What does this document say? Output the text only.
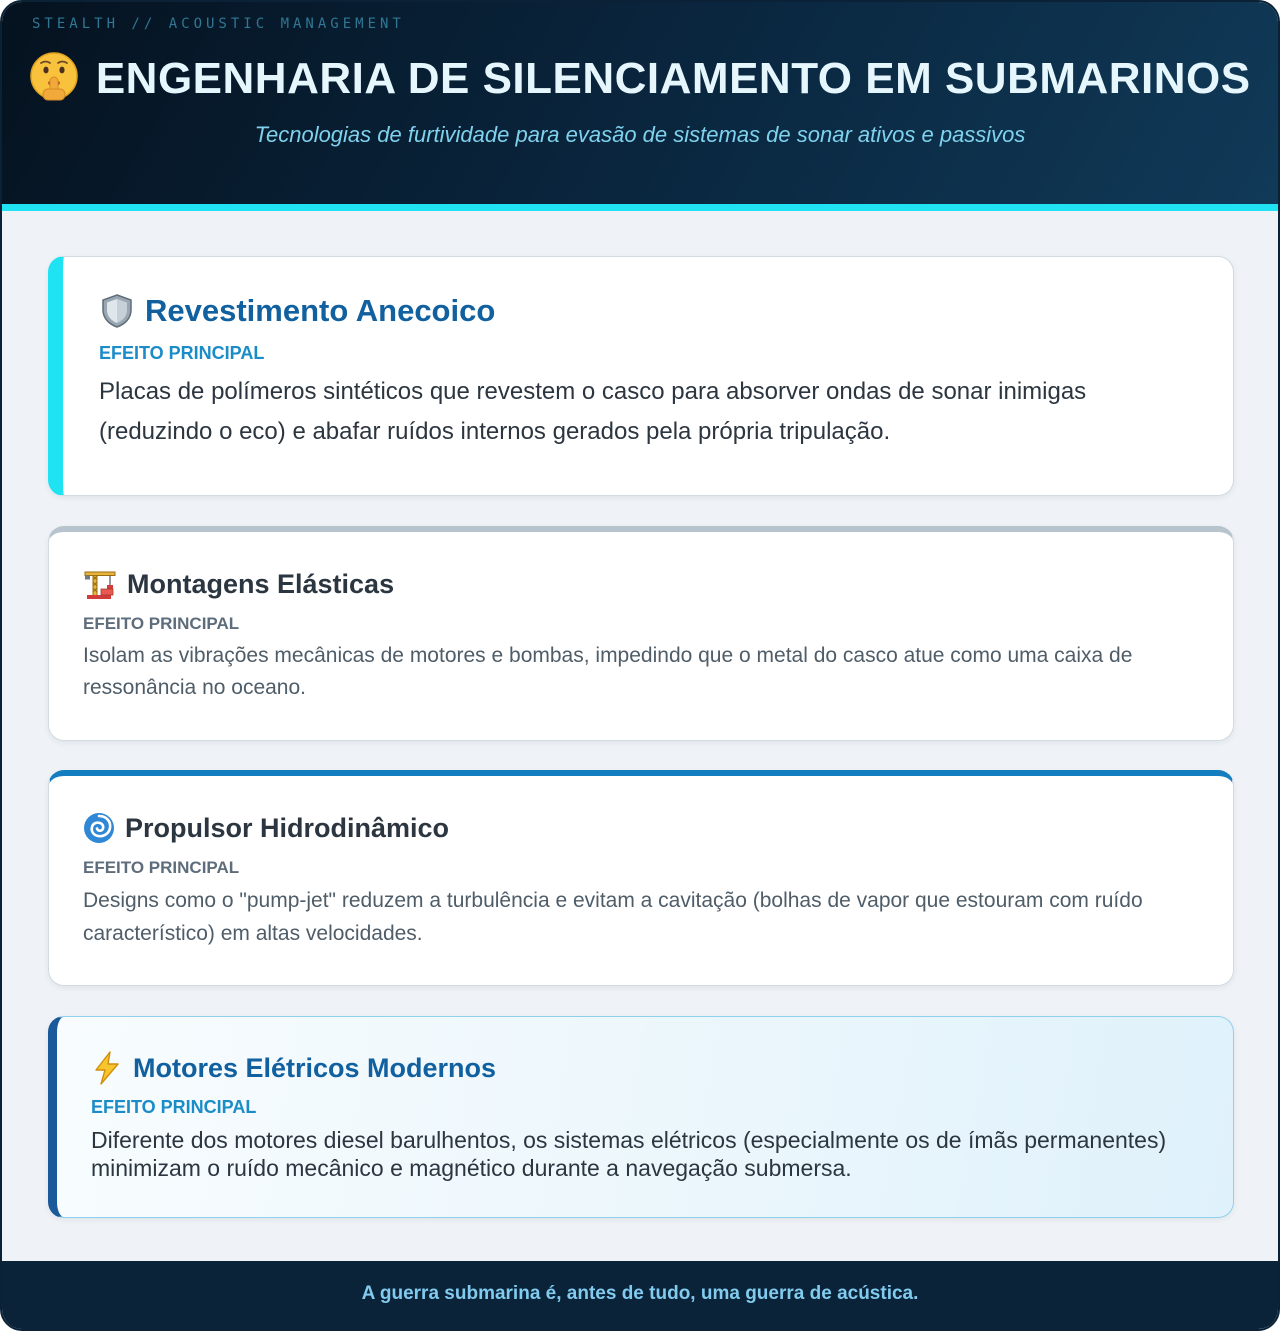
STEALTH // ACOUSTIC MANAGEMENT
ENGENHARIA DE SILENCIAMENTO EM SUBMARINOS
Tecnologias de furtividade para evasão de sistemas de sonar ativos e passivos
Revestimento Anecoico
EFEITO PRINCIPAL

Placas de polímeros sintéticos que revestem o casco para absorver ondas de sonar inimigas (reduzindo o eco) e abafar ruídos internos gerados pela própria tripulação.

Montagens Elásticas
EFEITO PRINCIPAL

Isolam as vibrações mecânicas de motores e bombas, impedindo que o metal do casco atue como uma caixa de ressonância no oceano.

Propulsor Hidrodinâmico
EFEITO PRINCIPAL

Designs como o "pump-jet" reduzem a turbulência e evitam a cavitação (bolhas de vapor que estouram com ruído característico) em altas velocidades.

Motores Elétricos Modernos
EFEITO PRINCIPAL

Diferente dos motores diesel barulhentos, os sistemas elétricos (especialmente os de ímãs permanentes) minimizam o ruído mecânico e magnético durante a navegação submersa.

A guerra submarina é, antes de tudo, uma guerra de acústica.
